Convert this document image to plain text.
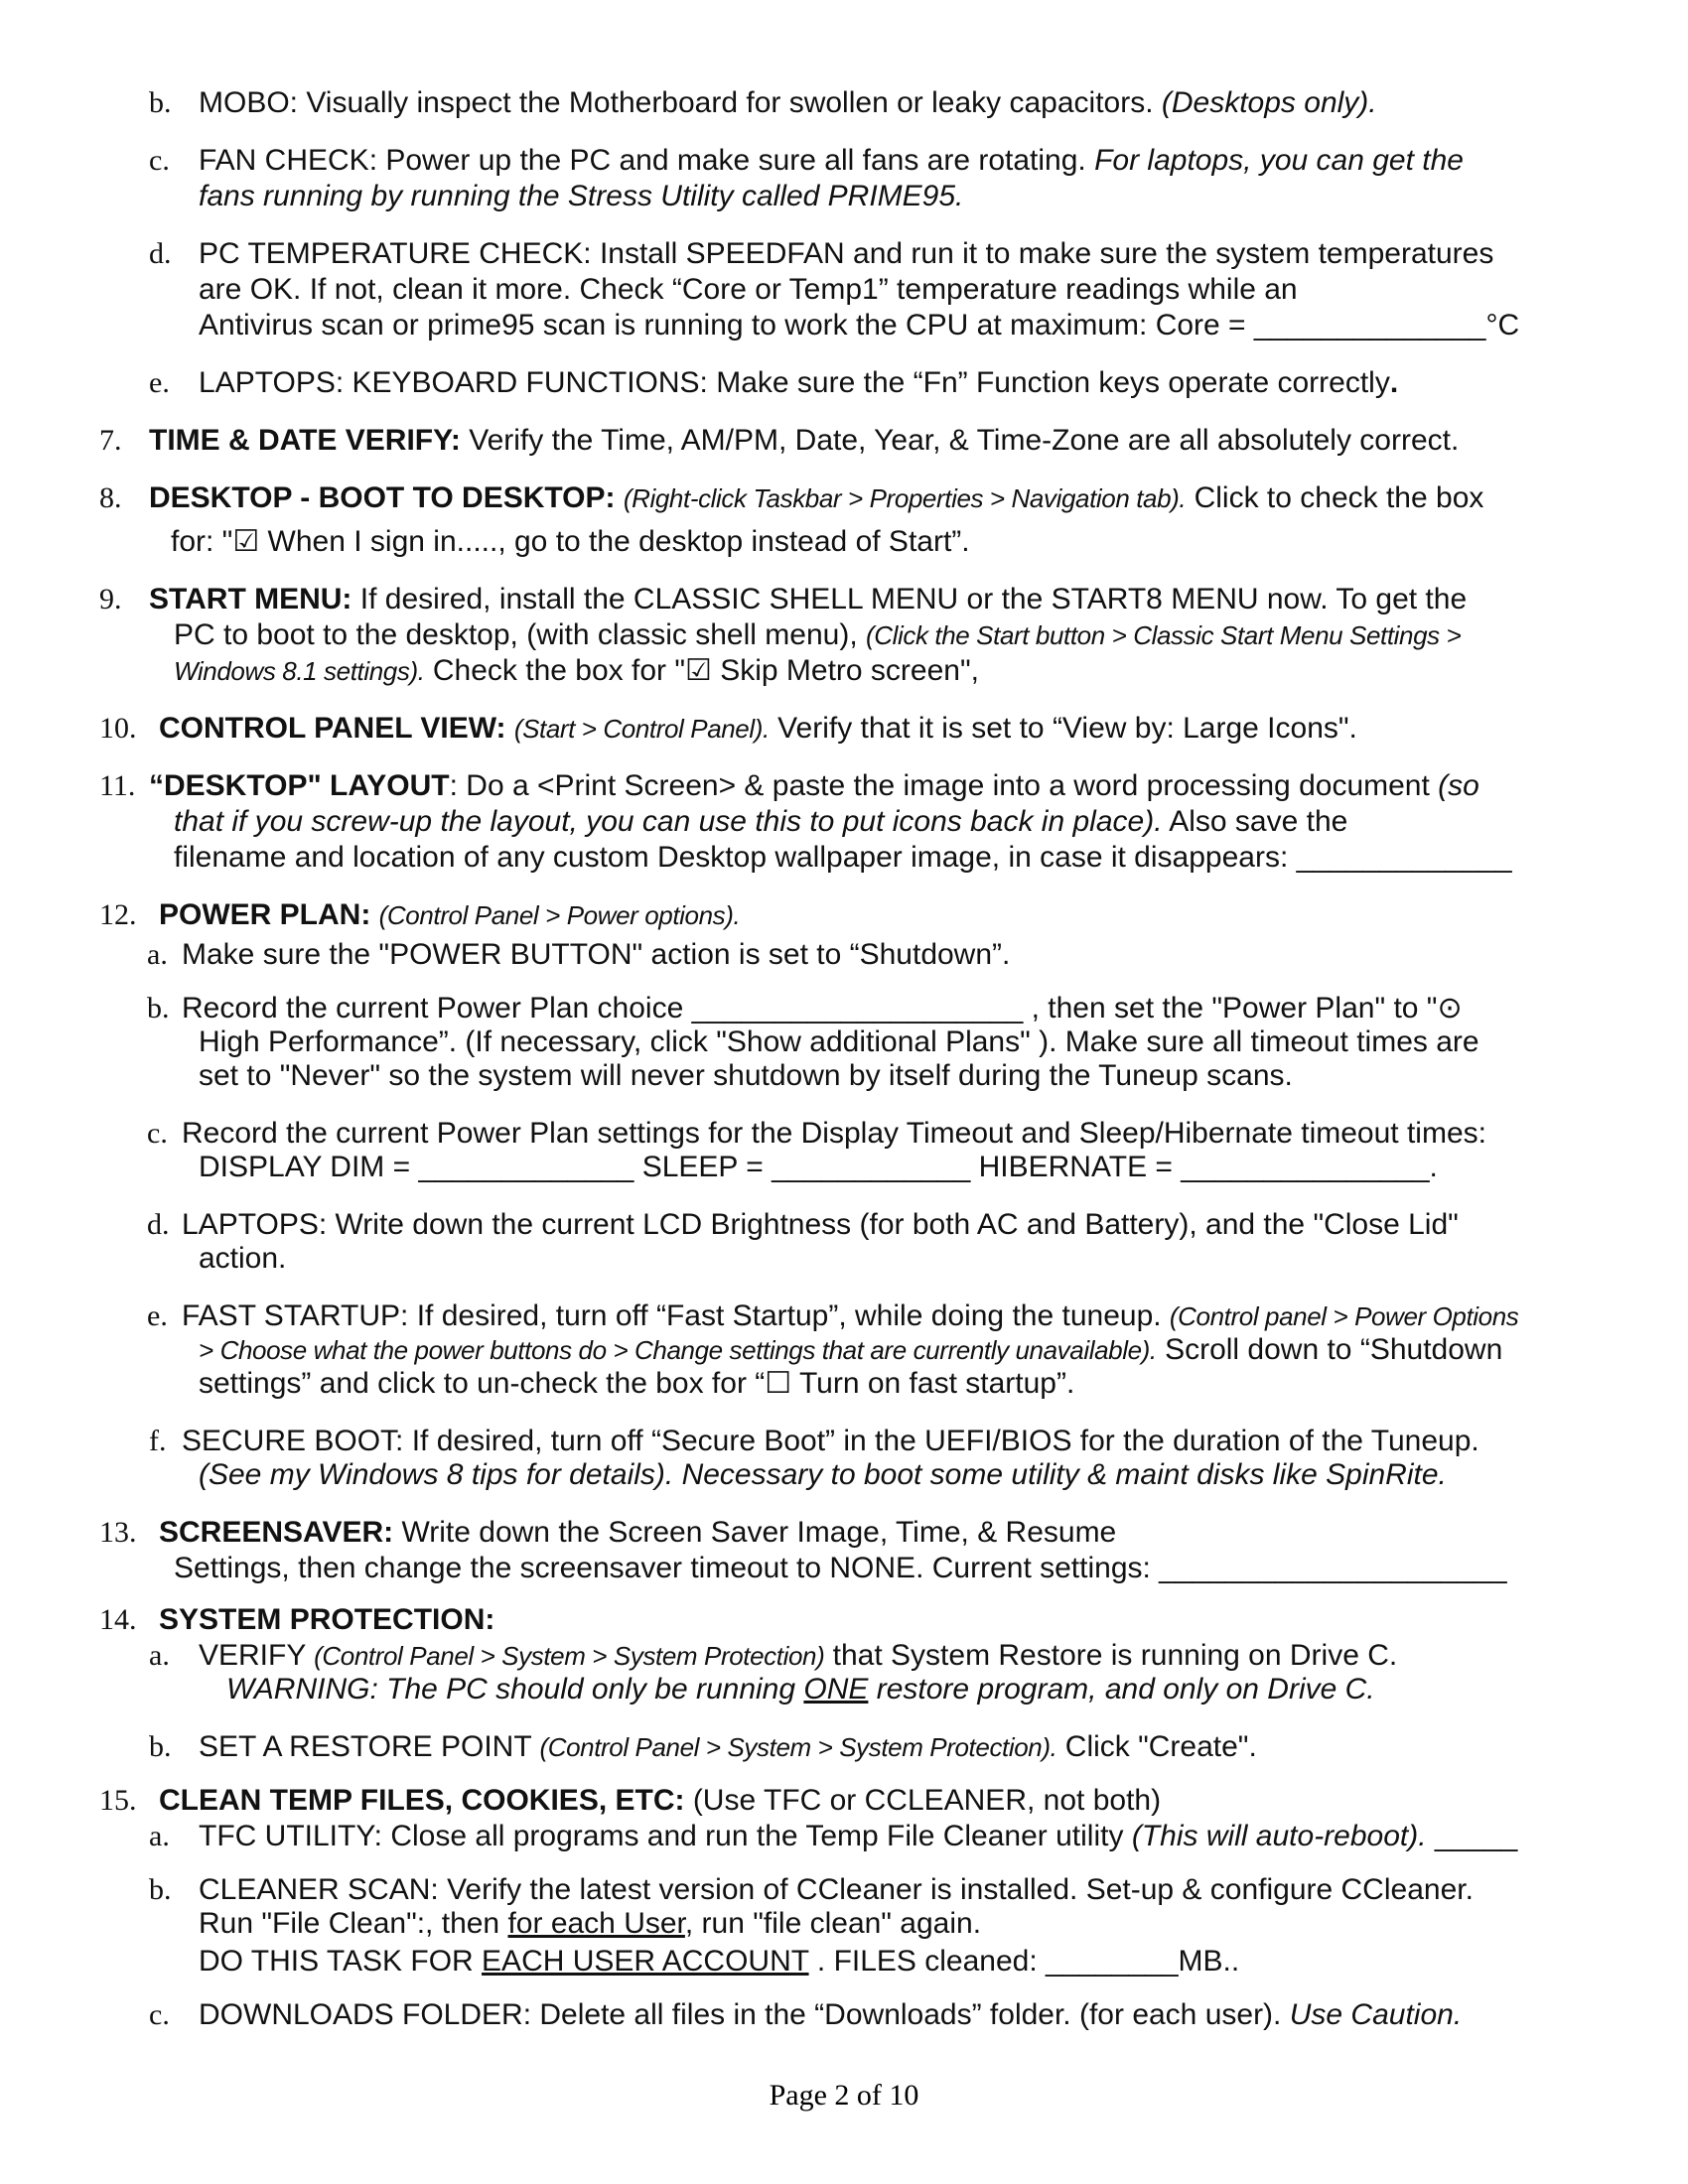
b. MOBO: Visually inspect the Motherboard for swollen or leaky capacitors. (Desktops only).
c. FAN CHECK: Power up the PC and make sure all fans are rotating. For laptops, you can get the
fans running by running the Stress Utility called PRIME95.
d. PC TEMPERATURE CHECK: Install SPEEDFAN and run it to make sure the system temperatures
are OK. If not, clean it more. Check “Core or Temp1” temperature readings while an
Antivirus scan or prime95 scan is running to work the CPU at maximum: Core = ______________°C
e. LAPTOPS: KEYBOARD FUNCTIONS: Make sure the “Fn” Function keys operate correctly.
7. TIME & DATE VERIFY: Verify the Time, AM/PM, Date, Year, & Time-Zone are all absolutely correct.
8. DESKTOP - BOOT TO DESKTOP: (Right-click Taskbar > Properties > Navigation tab). Click to check the box
for: "☑ When I sign in....., go to the desktop instead of Start”.
9. START MENU: If desired, install the CLASSIC SHELL MENU or the START8 MENU now. To get the
PC to boot to the desktop, (with classic shell menu), (Click the Start button > Classic Start Menu Settings >
Windows 8.1 settings). Check the box for "☑ Skip Metro screen",
10. CONTROL PANEL VIEW: (Start > Control Panel). Verify that it is set to “View by: Large Icons".
11. “DESKTOP" LAYOUT: Do a <Print Screen> & paste the image into a word processing document (so
that if you screw-up the layout, you can use this to put icons back in place). Also save the
filename and location of any custom Desktop wallpaper image, in case it disappears: _____________
12. POWER PLAN: (Control Panel > Power options).
a. Make sure the "POWER BUTTON" action is set to “Shutdown”.
b. Record the current Power Plan choice ____________________ , then set the "Power Plan" to "⊙
High Performance”. (If necessary, click "Show additional Plans" ). Make sure all timeout times are
set to "Never" so the system will never shutdown by itself during the Tuneup scans.
c. Record the current Power Plan settings for the Display Timeout and Sleep/Hibernate timeout times:
DISPLAY DIM = _____________ SLEEP = ____________ HIBERNATE = _______________.
d. LAPTOPS: Write down the current LCD Brightness (for both AC and Battery), and the "Close Lid"
action.
e. FAST STARTUP: If desired, turn off “Fast Startup”, while doing the tuneup. (Control panel > Power Options
> Choose what the power buttons do > Change settings that are currently unavailable). Scroll down to “Shutdown
settings” and click to un-check the box for “☐ Turn on fast startup”.
f. SECURE BOOT: If desired, turn off “Secure Boot” in the UEFI/BIOS for the duration of the Tuneup.
(See my Windows 8 tips for details). Necessary to boot some utility & maint disks like SpinRite.
13. SCREENSAVER: Write down the Screen Saver Image, Time, & Resume
Settings, then change the screensaver timeout to NONE. Current settings: _____________________
14. SYSTEM PROTECTION:
a. VERIFY (Control Panel > System > System Protection) that System Restore is running on Drive C.
WARNING: The PC should only be running ONE restore program, and only on Drive C.
b. SET A RESTORE POINT (Control Panel > System > System Protection). Click "Create".
15. CLEAN TEMP FILES, COOKIES, ETC: (Use TFC or CCLEANER, not both)
a. TFC UTILITY: Close all programs and run the Temp File Cleaner utility (This will auto-reboot). _____
b. CLEANER SCAN: Verify the latest version of CCleaner is installed. Set-up & configure CCleaner.
Run "File Clean":, then for each User, run "file clean" again.
DO THIS TASK FOR EACH USER ACCOUNT . FILES cleaned: ________MB..
c. DOWNLOADS FOLDER: Delete all files in the “Downloads” folder. (for each user). Use Caution.
Page 2 of 10
